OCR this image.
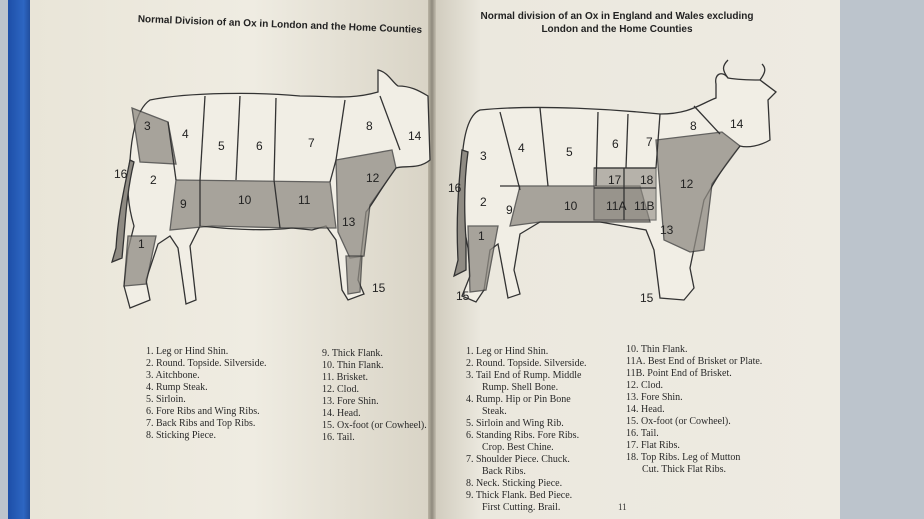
Normal Division of an Ox in London and the Home Counties	Normal division of an Ox in England and Wales excluding
London and the Home Counties
1
2
3
4
5	6	7
8
9	10	11
12
13
14
15
16
1
2
3
4	5
6 7
8
9	10 11A 11B
12
13
14
15	15
16
17 18
1. Leg or Hind Shin.
2. Round. Topside. Silverside.
3. Aitchbone.
4. Rump Steak.
5. Sirloin.
6. Fore Ribs and Wing Ribs.
7. Back Ribs and Top Ribs.
8. Sticking Piece.
9. Thick Flank.
10. Thin Flank.
11. Brisket.
12. Clod.
13. Fore Shin.
14. Head.
15. Ox-foot (or Cowheel).
16. Tail.
1. Leg or Hind Shin.
2. Round. Topside. Silverside.
3. Tail End of Rump. Middle
Rump. Shell Bone.
4. Rump. Hip or Pin Bone
Steak.
5. Sirloin and Wing Rib.
6. Standing Ribs. Fore Ribs.
Crop. Best Chine.
7. Shoulder Piece. Chuck.
Back Ribs.
8. Neck. Sticking Piece.
9. Thick Flank. Bed Piece.
First Cutting. Brail.
10. Thin Flank.
11A. Best End of Brisket or Plate.
11B. Point End of Brisket.
12. Clod.
13. Fore Shin.
14. Head.
15. Ox-foot (or Cowheel).
16. Tail.
17. Flat Ribs.
18. Top Ribs. Leg of Mutton
Cut. Thick Flat Ribs.
11
